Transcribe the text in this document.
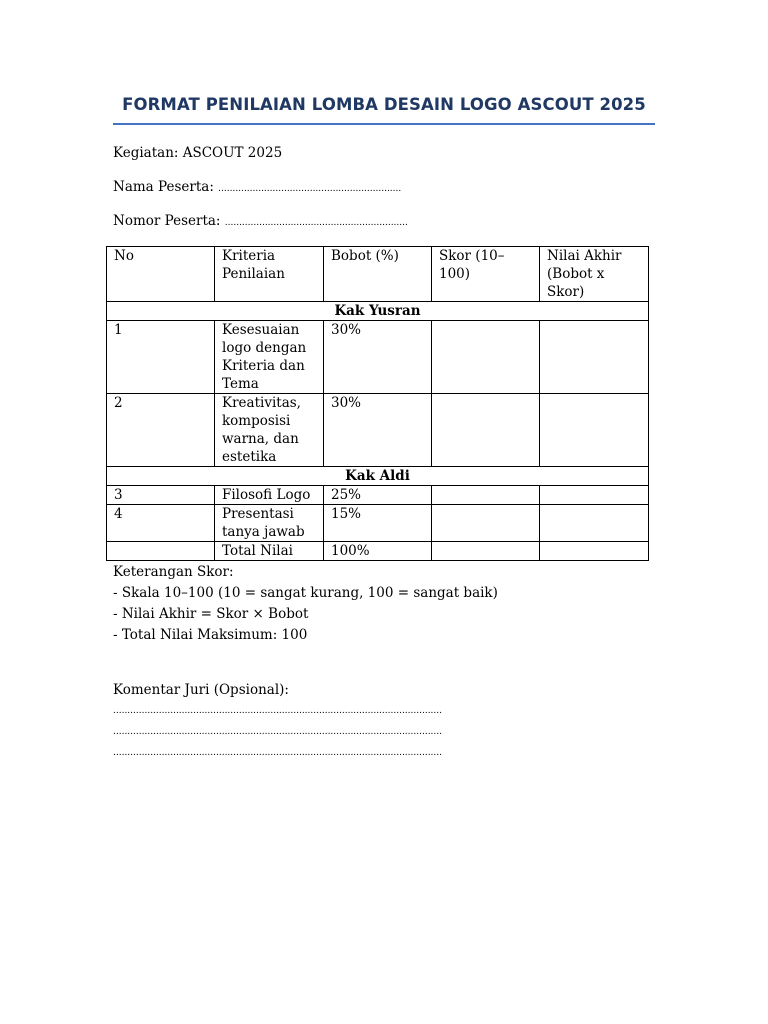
FORMAT PENILAIAN LOMBA DESAIN LOGO ASCOUT 2025
Kegiatan: ASCOUT 2025
Nama Peserta: ................................................................
Nomor Peserta: ................................................................
No	Kriteria Penilaian	Bobot (%)	Skor (10–100)	Nilai Akhir (Bobot x Skor)
Kak Yusran				
1	Kesesuaian logo dengan Kriteria dan Tema	30%		
2	Kreativitas, komposisi warna, dan estetika	30%		
Kak Aldi				
3	Filosofi Logo	25%		
4	Presentasi tanya jawab	15%		
	Total Nilai	100%		
Keterangan Skor:
- Skala 10–100 (10 = sangat kurang, 100 = sangat baik)
- Nilai Akhir = Skor × Bobot
- Total Nilai Maksimum: 100
Komentar Juri (Opsional):
...................................................................................................................
...................................................................................................................
...................................................................................................................
